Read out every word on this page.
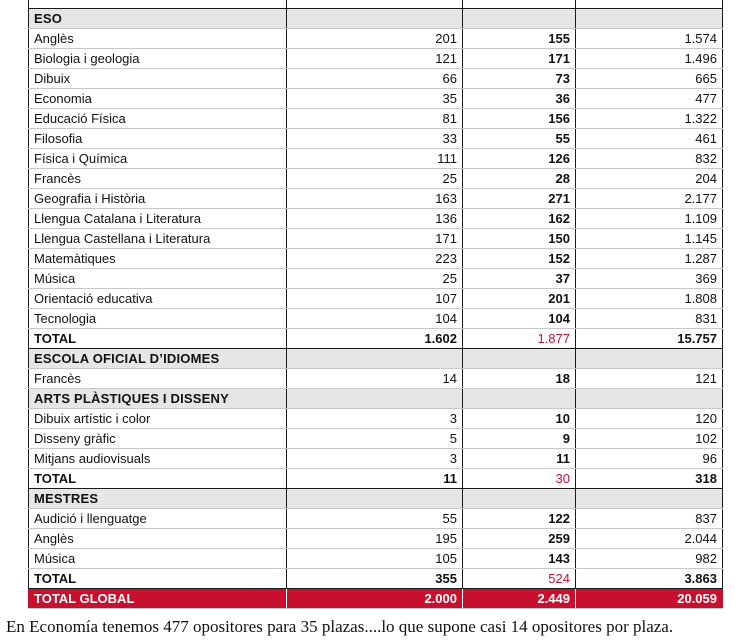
ESO			
Anglès	201	155	1.574
Biologia i geologia	121	171	1.496
Dibuix	66	73	665
Economia	35	36	477
Educació Física	81	156	1.322
Filosofia	33	55	461
Física i Química	111	126	832
Francès	25	28	204
Geografia i Història	163	271	2.177
Llengua Catalana i Literatura	136	162	1.109
Llengua Castellana i Literatura	171	150	1.145
Matemàtiques	223	152	1.287
Música	25	37	369
Orientació educativa	107	201	1.808
Tecnologia	104	104	831
TOTAL	1.602	1.877	15.757
ESCOLA OFICIAL D’IDIOMES			
Francès	14	18	121
ARTS PLÀSTIQUES I DISSENY			
Dibuix artístic i color	3	10	120
Disseny gràfic	5	9	102
Mitjans audiovisuals	3	11	96
TOTAL	11	30	318
MESTRES			
Audició i llenguatge	55	122	837
Anglès	195	259	2.044
Música	105	143	982
TOTAL	355	524	3.863
TOTAL GLOBAL	2.000	2.449	20.059
En Economía tenemos 477 opositores para 35 plazas....lo que supone casi 14 opositores por plaza.
